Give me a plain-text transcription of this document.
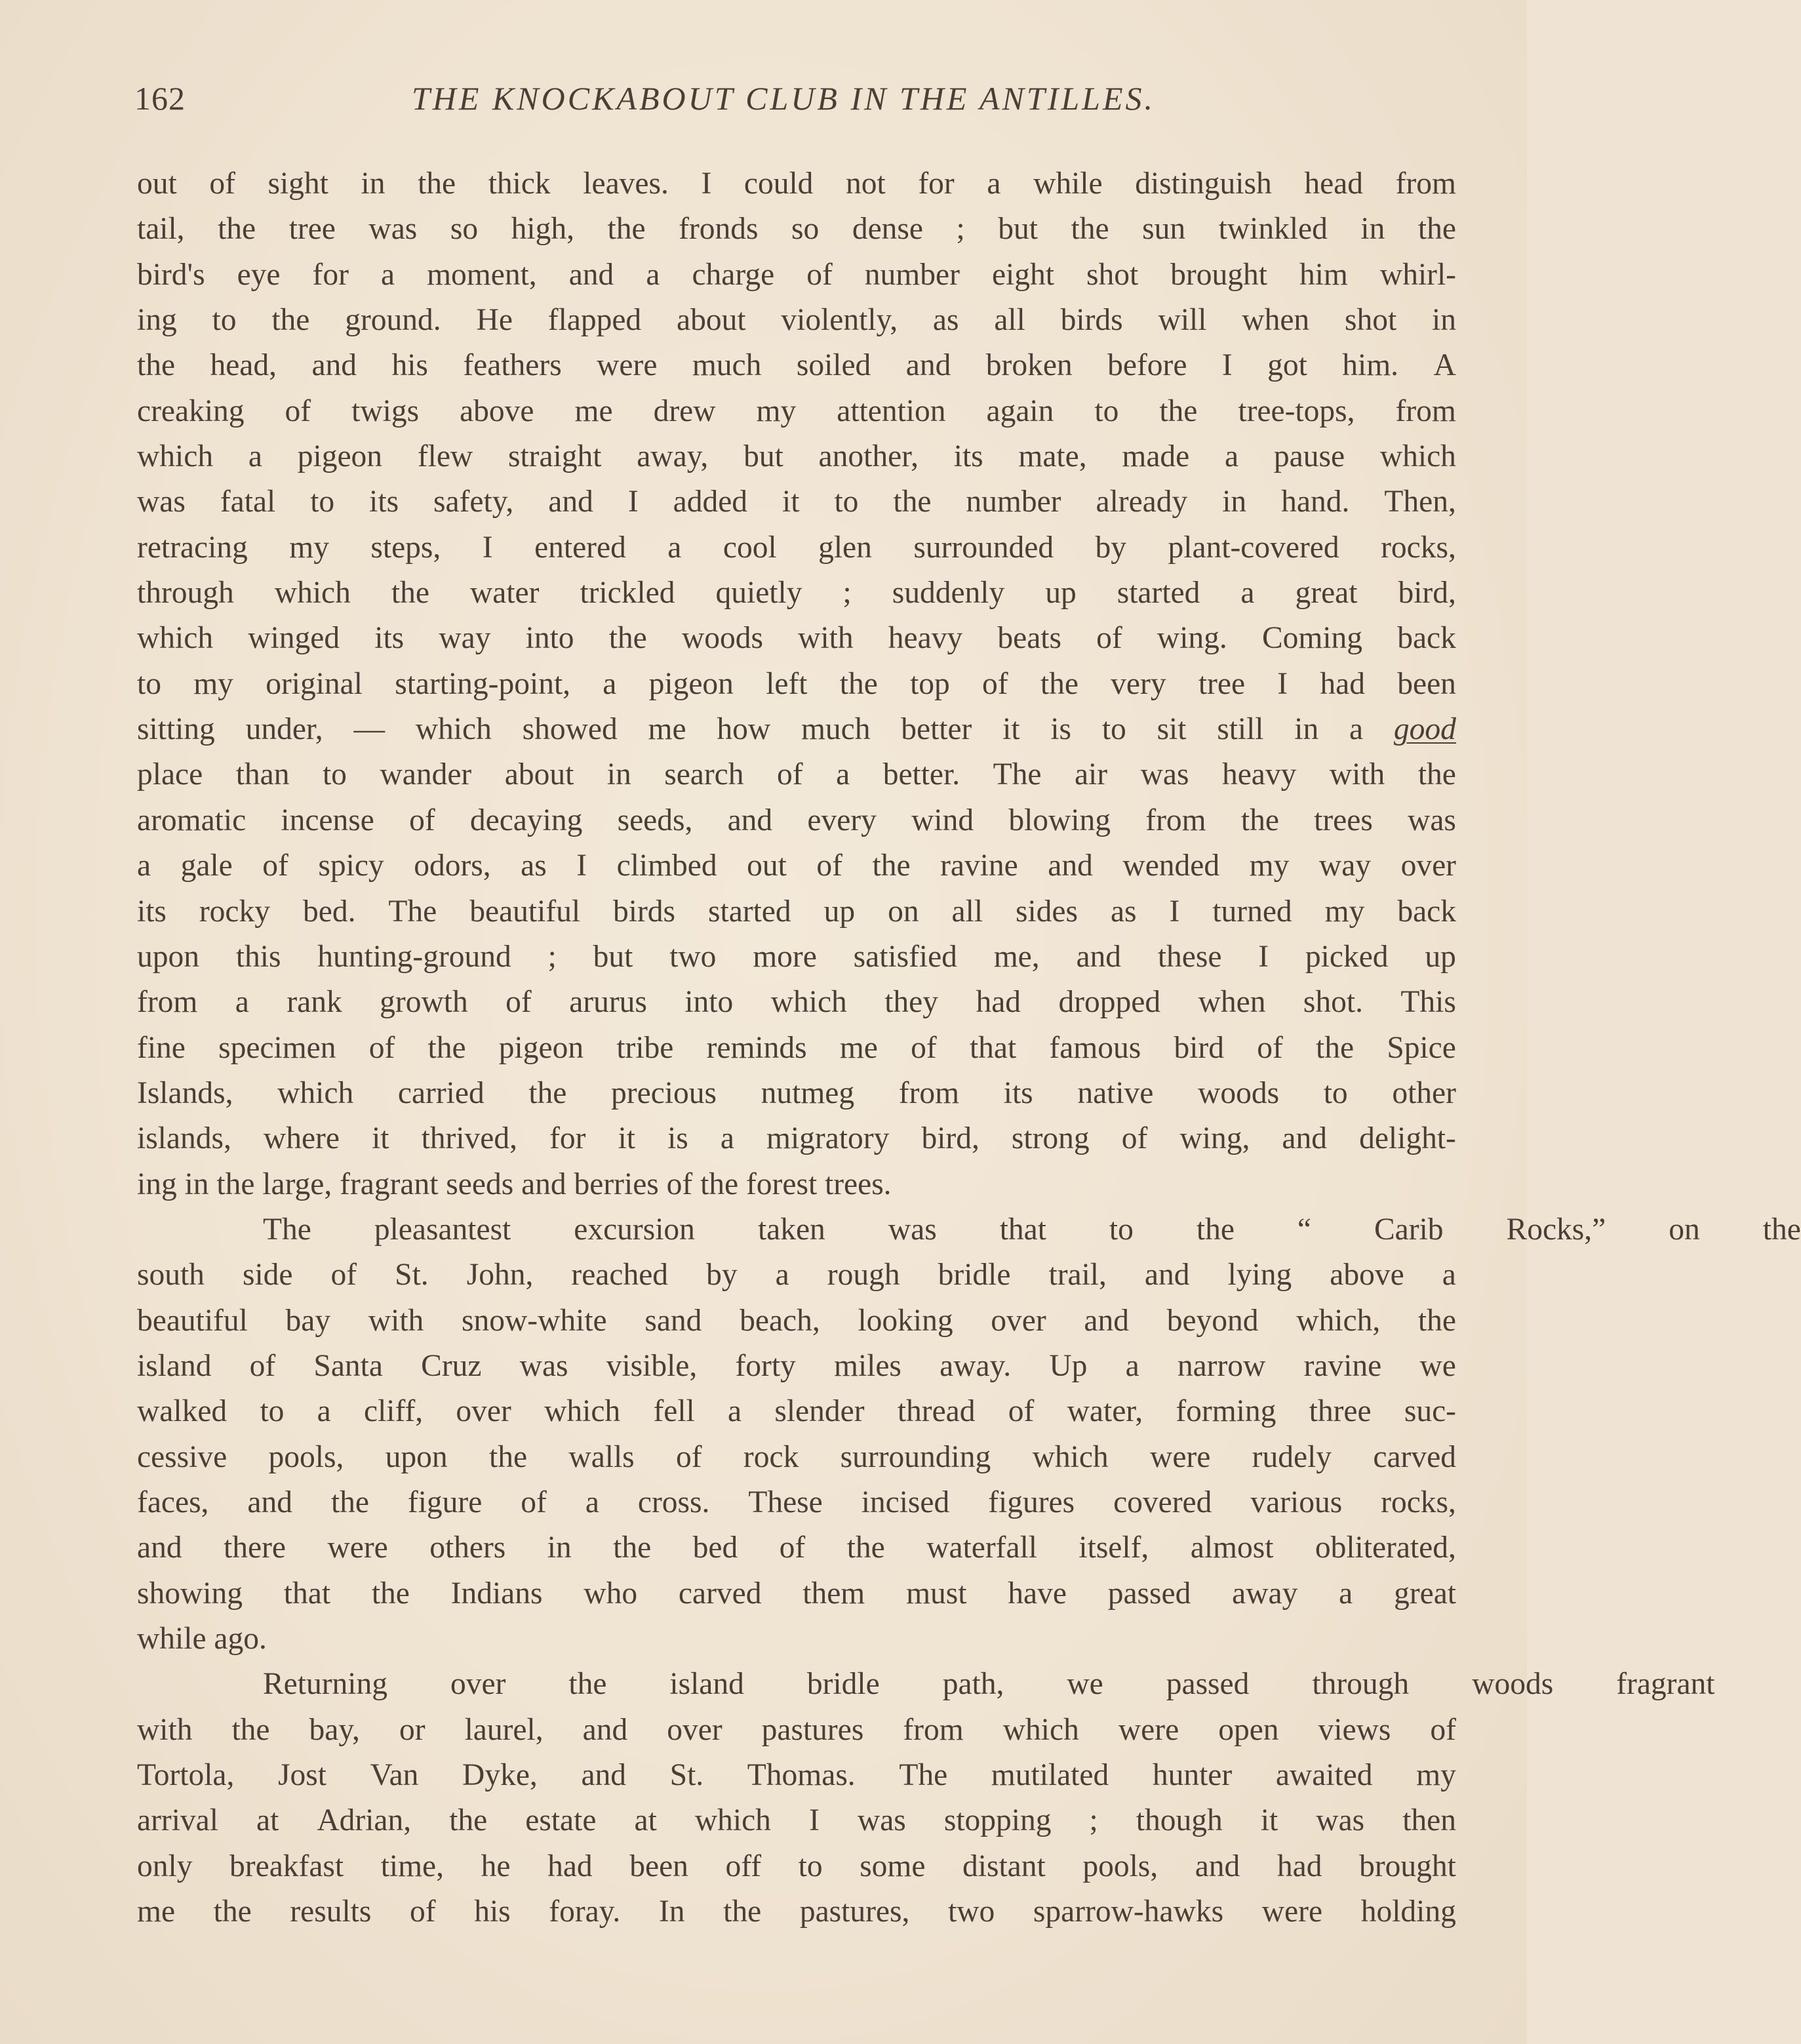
162	THE KNOCKABOUT CLUB IN THE ANTILLES.
out of sight in the thick leaves. I could not for a while distinguish head from
tail, the tree was so high, the fronds so dense ; but the sun twinkled in the
bird's eye for a moment, and a charge of number eight shot brought him whirl-
ing to the ground. He flapped about violently, as all birds will when shot in
the head, and his feathers were much soiled and broken before I got him. A
creaking of twigs above me drew my attention again to the tree-tops, from
which a pigeon flew straight away, but another, its mate, made a pause which
was fatal to its safety, and I added it to the number already in hand. Then,
retracing my steps, I entered a cool glen surrounded by plant-covered rocks,
through which the water trickled quietly ; suddenly up started a great bird,
which winged its way into the woods with heavy beats of wing. Coming back
to my original starting-point, a pigeon left the top of the very tree I had been
sitting under, — which showed me how much better it is to sit still in a good
place than to wander about in search of a better. The air was heavy with the
aromatic incense of decaying seeds, and every wind blowing from the trees was
a gale of spicy odors, as I climbed out of the ravine and wended my way over
its rocky bed. The beautiful birds started up on all sides as I turned my back
upon this hunting-ground ; but two more satisfied me, and these I picked up
from a rank growth of arurus into which they had dropped when shot. This
fine specimen of the pigeon tribe reminds me of that famous bird of the Spice
Islands, which carried the precious nutmeg from its native woods to other
islands, where it thrived, for it is a migratory bird, strong of wing, and delight-
ing in the large, fragrant seeds and berries of the forest trees.
The	pleasantest	excursion	taken	was	that	to	the	“	Carib	Rocks,”	on	the
south side of St. John, reached by a rough bridle trail, and lying above a
beautiful bay with snow-white sand beach, looking over and beyond which, the
island of Santa Cruz was visible, forty miles away. Up a narrow ravine we
walked to a cliff, over which fell a slender thread of water, forming three suc-
cessive pools, upon the walls of rock surrounding which were rudely carved
faces, and the figure of a cross. These incised figures covered various rocks,
and there were others in the bed of the waterfall itself, almost obliterated,
showing that the Indians who carved them must have passed away a great
while ago.
Returning	over	the	island	bridle	path,	we	passed	through	woods	fragrant
with the bay, or laurel, and over pastures from which were open views of
Tortola, Jost Van Dyke, and St. Thomas. The mutilated hunter awaited my
arrival at Adrian, the estate at which I was stopping ; though it was then
only breakfast time, he had been off to some distant pools, and had brought
me the results of his foray. In the pastures, two sparrow-hawks were holding
